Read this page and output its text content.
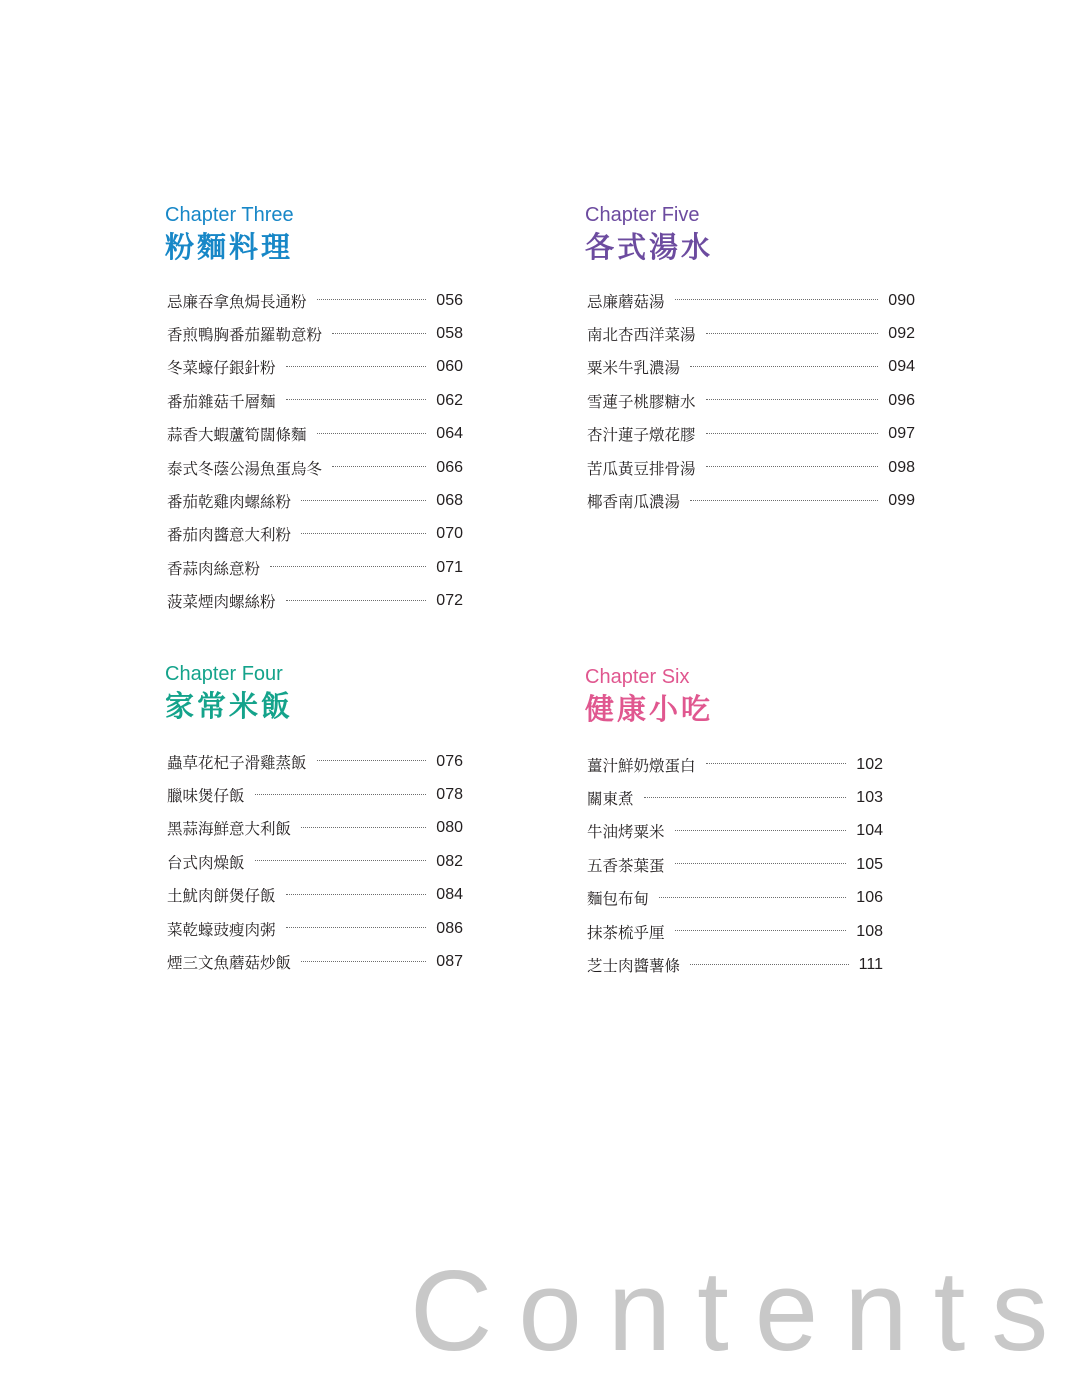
Chapter Three

粉麵料理
忌廉吞拿魚焗長通粉	056
香煎鴨胸番茄羅勒意粉	058
冬菜蠔仔銀針粉	060
番茄雜菇千層麵	062
蒜香大蝦蘆筍闊條麵	064
泰式冬蔭公湯魚蛋烏冬	066
番茄乾雞肉螺絲粉	068
番茄肉醬意大利粉	070
香蒜肉絲意粉	071
菠菜煙肉螺絲粉	072

Chapter Four

家常米飯
蟲草花杞子滑雞蒸飯	076
臘味煲仔飯	078
黑蒜海鮮意大利飯	080
台式肉燥飯	082
土魷肉餅煲仔飯	084
菜乾蠔豉瘦肉粥	086
煙三文魚蘑菇炒飯	087

Chapter Five

各式湯水
忌廉蘑菇湯	090
南北杏西洋菜湯	092
粟米牛乳濃湯	094
雪蓮子桃膠糖水	096
杏汁蓮子燉花膠	097
苦瓜黃豆排骨湯	098
椰香南瓜濃湯	099

Chapter Six

健康小吃
薑汁鮮奶燉蛋白	102
關東煮	103
牛油烤粟米	104
五香茶葉蛋	105
麵包布甸	106
抹茶梳乎厘	108
芝士肉醬薯條	111
Contents
